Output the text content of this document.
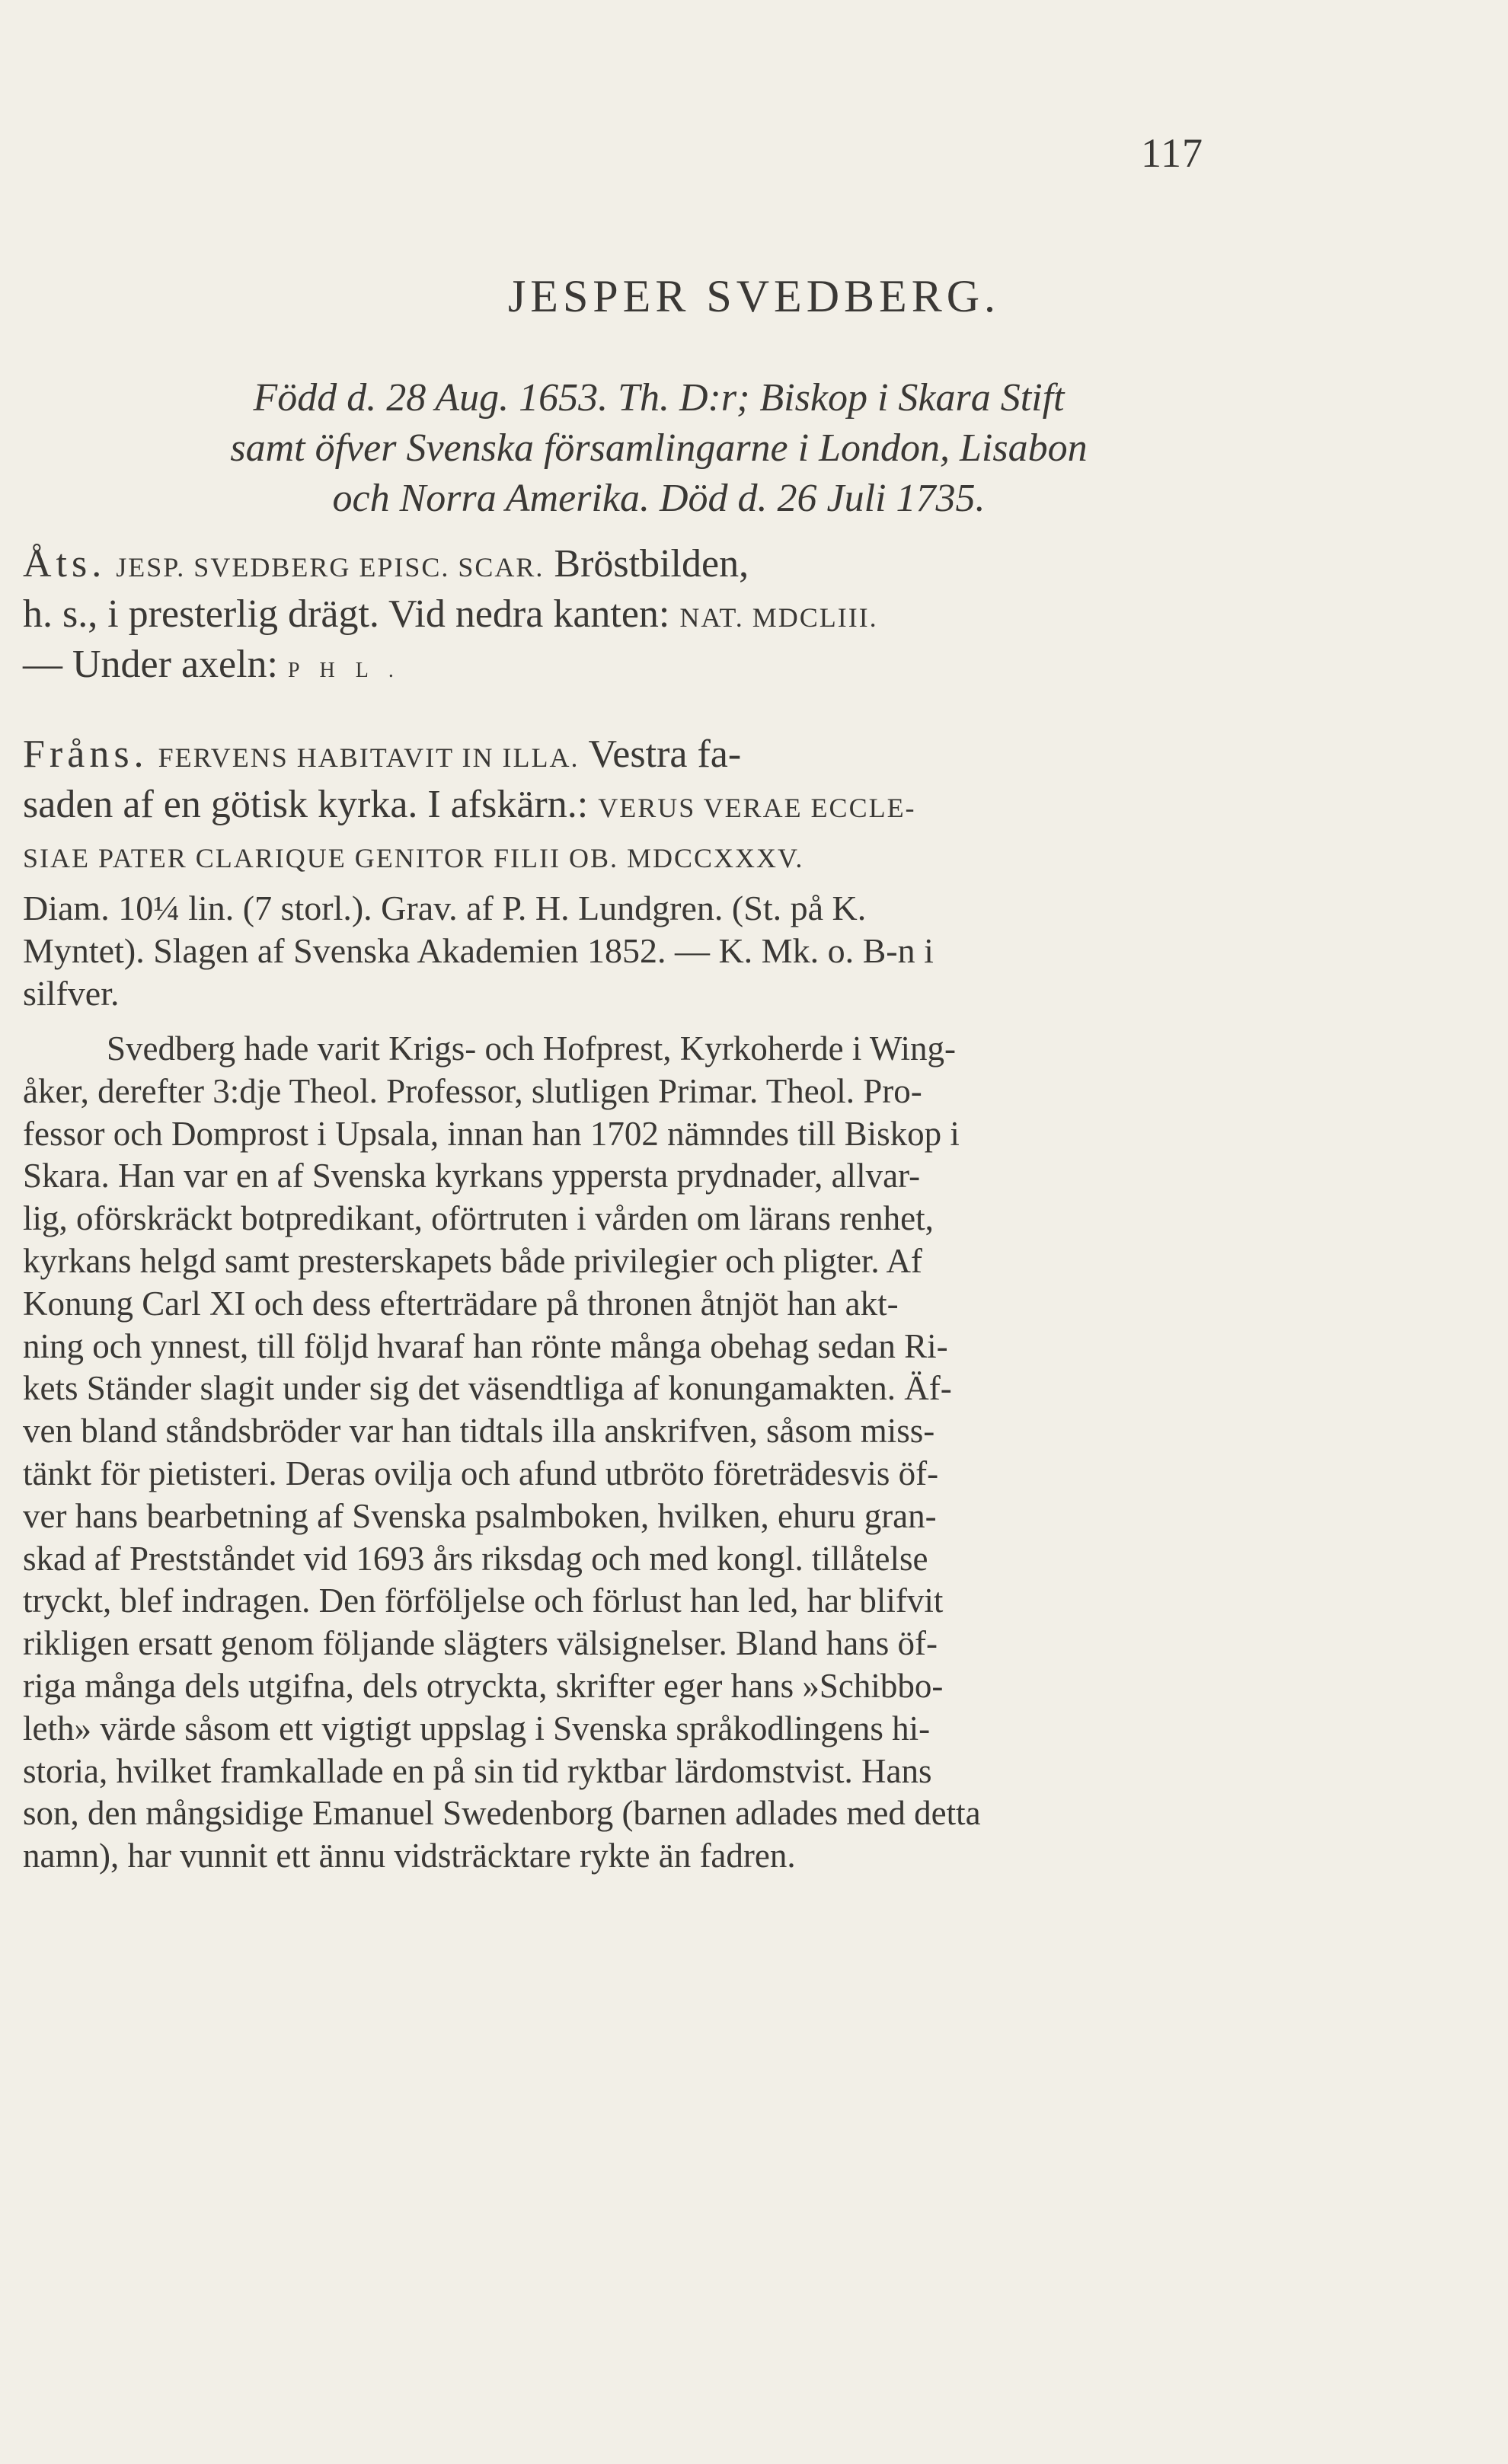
117
JESPER SVEDBERG.
Född d. 28 Aug. 1653. Th. D:r; Biskop i Skara Stift
samt öfver Svenska församlingarne i London, Lisabon
och Norra Amerika. Död d. 26 Juli 1735.
Åts. JESP. SVEDBERG EPISC. SCAR. Bröstbilden,
h. s., i presterlig drägt. Vid nedra kanten: NAT. MDCLIII.
— Under axeln: P H L .
Fråns. FERVENS HABITAVIT IN ILLA. Vestra fa-
saden af en götisk kyrka. I afskärn.: VERUS VERAE ECCLE-
SIAE PATER CLARIQUE GENITOR FILII OB. MDCCXXXV.
Diam. 10¼ lin. (7 storl.). Grav. af P. H. Lundgren. (St. på K.
Myntet). Slagen af Svenska Akademien 1852. — K. Mk. o. B-n i
silfver.
Svedberg hade varit Krigs- och Hofprest, Kyrkoherde i Wing-
åker, derefter 3:dje Theol. Professor, slutligen Primar. Theol. Pro-
fessor och Domprost i Upsala, innan han 1702 nämndes till Biskop i
Skara. Han var en af Svenska kyrkans yppersta prydnader, allvar-
lig, oförskräckt botpredikant, oförtruten i vården om lärans renhet,
kyrkans helgd samt presterskapets både privilegier och pligter. Af
Konung Carl XI och dess efterträdare på thronen åtnjöt han akt-
ning och ynnest, till följd hvaraf han rönte många obehag sedan Ri-
kets Ständer slagit under sig det väsendtliga af konungamakten. Äf-
ven bland ståndsbröder var han tidtals illa anskrifven, såsom miss-
tänkt för pietisteri. Deras ovilja och afund utbröto företrädesvis öf-
ver hans bearbetning af Svenska psalmboken, hvilken, ehuru gran-
skad af Prestståndet vid 1693 års riksdag och med kongl. tillåtelse
tryckt, blef indragen. Den förföljelse och förlust han led, har blifvit
rikligen ersatt genom följande slägters välsignelser. Bland hans öf-
riga många dels utgifna, dels otryckta, skrifter eger hans »Schibbo-
leth» värde såsom ett vigtigt uppslag i Svenska språkodlingens hi-
storia, hvilket framkallade en på sin tid ryktbar lärdomstvist. Hans
son, den mångsidige Emanuel Swedenborg (barnen adlades med detta
namn), har vunnit ett ännu vidsträcktare rykte än fadren.
